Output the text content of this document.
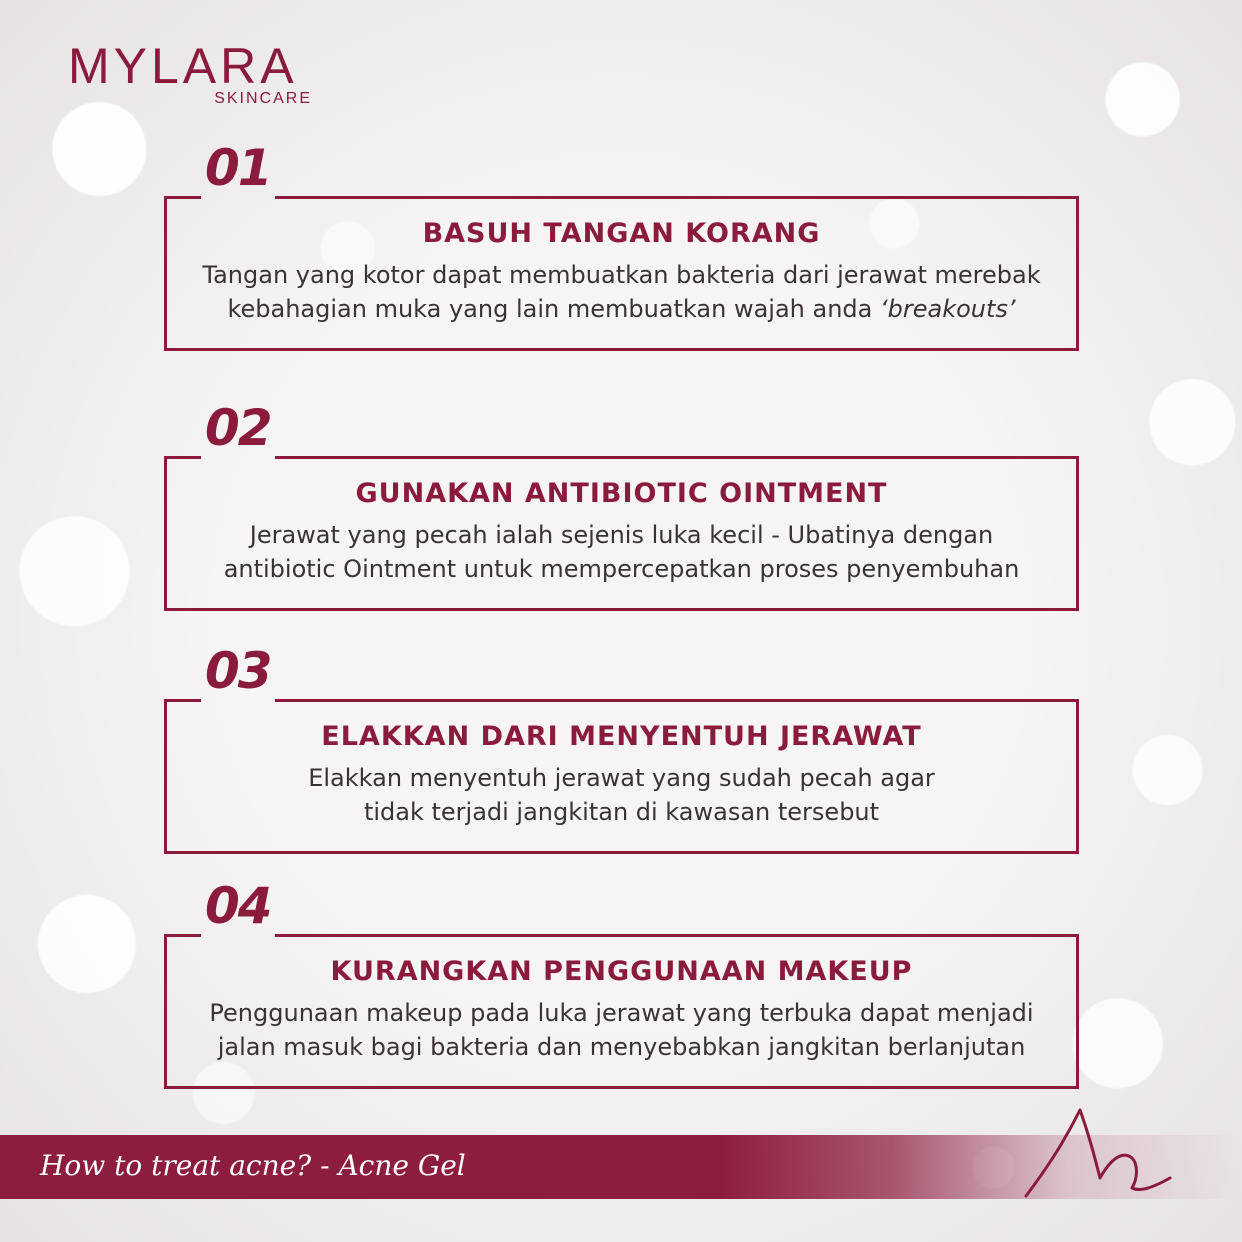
MYLARA
SKINCARE
01
BASUH TANGAN KORANG
Tangan yang kotor dapat membuatkan bakteria dari jerawat merebak
kebahagian muka yang lain membuatkan wajah anda ‘breakouts’
02
GUNAKAN ANTIBIOTIC OINTMENT
Jerawat yang pecah ialah sejenis luka kecil - Ubatinya dengan
antibiotic Ointment untuk mempercepatkan proses penyembuhan
03
ELAKKAN DARI MENYENTUH JERAWAT
Elakkan menyentuh jerawat yang sudah pecah agar
tidak terjadi jangkitan di kawasan tersebut
04
KURANGKAN PENGGUNAAN MAKEUP
Penggunaan makeup pada luka jerawat yang terbuka dapat menjadi
jalan masuk bagi bakteria dan menyebabkan jangkitan berlanjutan
How to treat acne? - Acne Gel
